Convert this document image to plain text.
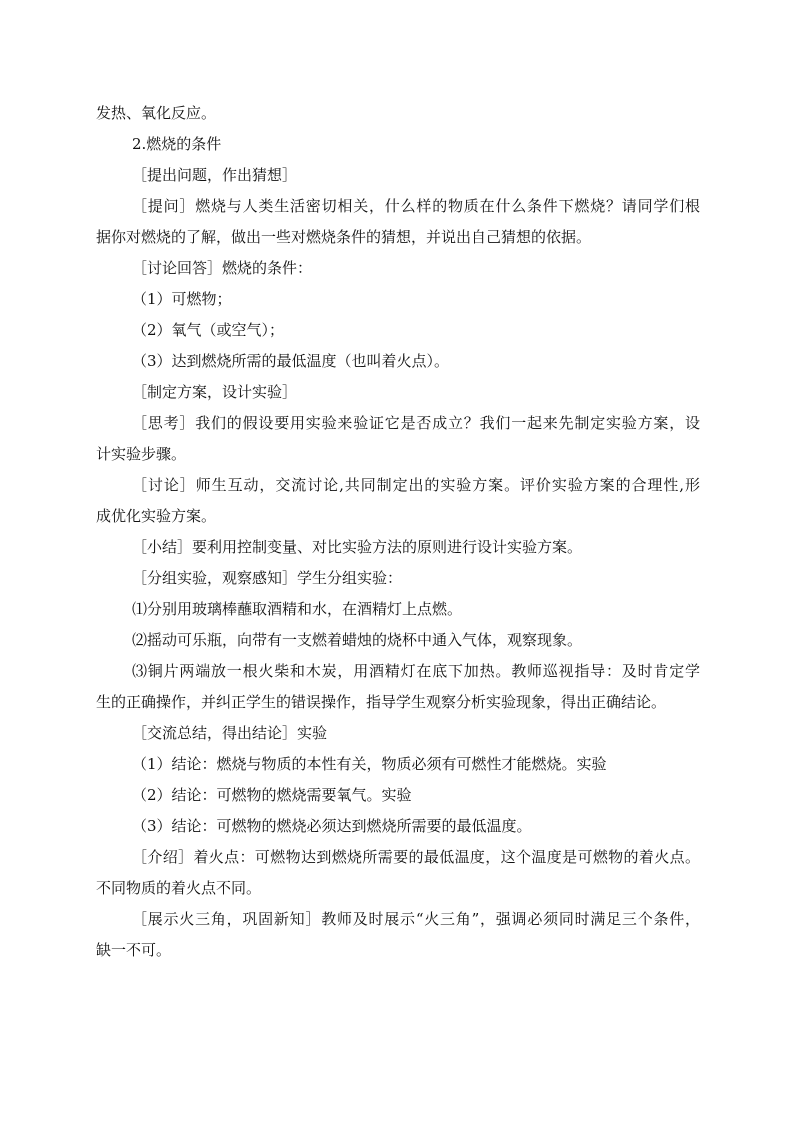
发热、氧化反应。
2.燃烧的条件
［提出问题，作出猜想］
［提问］燃烧与人类生活密切相关，什么样的物质在什么条件下燃烧？请同学们根
据你对燃烧的了解，做出一些对燃烧条件的猜想，并说出自己猜想的依据。
［讨论回答］燃烧的条件：
（1）可燃物；
（2）氧气（或空气）；
（3）达到燃烧所需的最低温度（也叫着火点）。
［制定方案，设计实验］
［思考］我们的假设要用实验来验证它是否成立？我们一起来先制定实验方案，设
计实验步骤。
［讨论］师生互动，交流讨论,共同制定出的实验方案。评价实验方案的合理性,形
成优化实验方案。
［小结］要利用控制变量、对比实验方法的原则进行设计实验方案。
［分组实验，观察感知］学生分组实验：
⑴分别用玻璃棒蘸取酒精和水，在酒精灯上点燃。
⑵摇动可乐瓶，向带有一支燃着蜡烛的烧杯中通入气体，观察现象。
⑶铜片两端放一根火柴和木炭，用酒精灯在底下加热。教师巡视指导：及时肯定学
生的正确操作，并纠正学生的错误操作，指导学生观察分析实验现象，得出正确结论。
［交流总结，得出结论］实验
（1）结论：燃烧与物质的本性有关，物质必须有可燃性才能燃烧。实验
（2）结论：可燃物的燃烧需要氧气。实验
（3）结论：可燃物的燃烧必须达到燃烧所需要的最低温度。
［介绍］着火点：可燃物达到燃烧所需要的最低温度，这个温度是可燃物的着火点。
不同物质的着火点不同。
［展示火三角，巩固新知］教师及时展示“火三角”，强调必须同时满足三个条件，
缺一不可。
